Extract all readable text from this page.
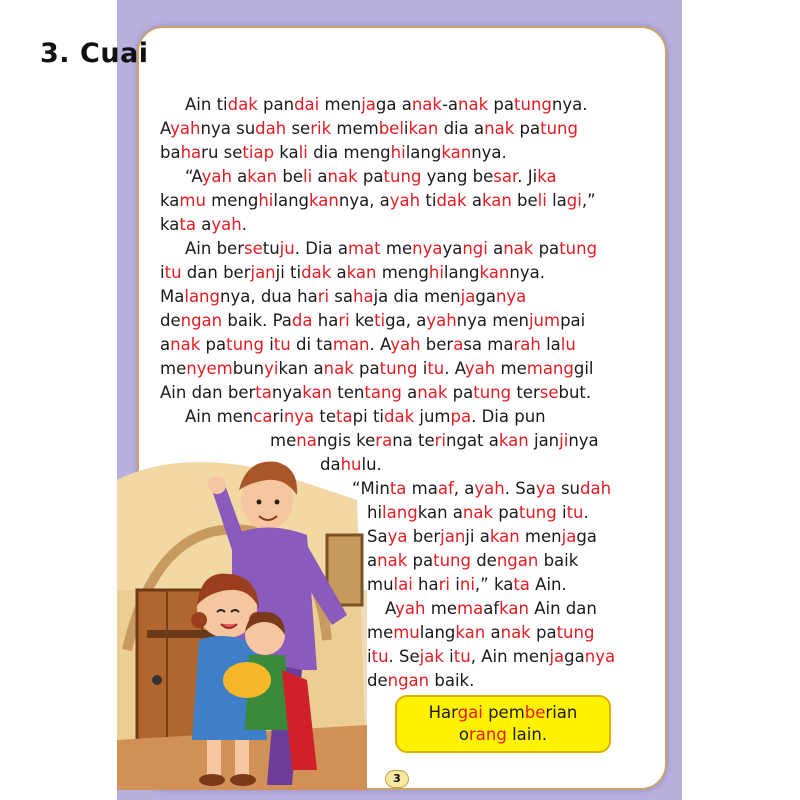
3. Cuai
Ain tidak pandai menjaga anak-anak patungnya.
Ayahnya sudah serik membelikan dia anak patung
baharu setiap kali dia menghilangkannya.
“Ayah akan beli anak patung yang besar. Jika
kamu menghilangkannya, ayah tidak akan beli lagi,”
kata ayah.
Ain bersetuju. Dia amat menyayangi anak patung
itu dan berjanji tidak akan menghilangkannya.
Malangnya, dua hari sahaja dia menjaganya
dengan baik. Pada hari ketiga, ayahnya menjumpai
anak patung itu di taman. Ayah berasa marah lalu
menyembunyikan anak patung itu. Ayah memanggil
Ain dan bertanyakan tentang anak patung tersebut.
Ain mencarinya tetapi tidak jumpa. Dia pun
menangis kerana teringat akan janjinya
dahulu.
“Minta maaf, ayah. Saya sudah
hilangkan anak patung itu.
Saya berjanji akan menjaga
anak patung dengan baik
mulai hari ini,” kata Ain.
Ayah memaafkan Ain dan
memulangkan anak patung
itu. Sejak itu, Ain menjaganya
dengan baik.
Hargai pemberian
orang lain.
3
